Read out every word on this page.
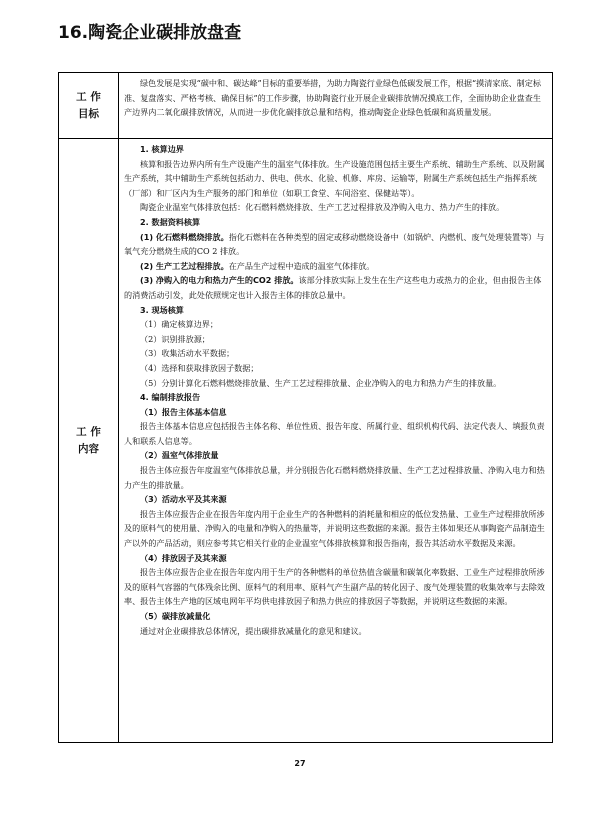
16.陶瓷企业碳排放盘查
工 作 目标

绿色发展是实现“碳中和、碳达峰”目标的重要举措，为助力陶瓷行业绿色低碳发展工作，根据“摸清家底、制定标准、复盘落实、严格考核、确保目标”的工作步骤，协助陶瓷行业开展企业碳排放情况摸底工作，全面协助企业盘查生产边界内二氧化碳排放情况，从而进一步优化碳排放总量和结构，推动陶瓷企业绿色低碳和高质量发展。

工 作 内容

1. 核算边界

核算和报告边界内所有生产设施产生的温室气体排放。生产设施范围包括主要生产系统、辅助生产系统、以及附属生产系统，其中辅助生产系统包括动力、供电、供水、化验、机修、库房、运输等，附属生产系统包括生产指挥系统（厂部）和厂区内为生产服务的部门和单位（如职工食堂、车间浴室、保健站等）。

陶瓷企业温室气体排放包括：化石燃料燃烧排放、生产工艺过程排放及净购入电力、热力产生的排放。

2. 数据资料核算

(1) 化石燃料燃烧排放。指化石燃料在各种类型的固定或移动燃烧设备中（如锅炉、内燃机、废气处理装置等）与氧气充分燃烧生成的CO 2 排放。

(2) 生产工艺过程排放。在产品生产过程中造成的温室气体排放。

(3) 净购入的电力和热力产生的CO2 排放。该部分排放实际上发生在生产这些电力或热力的企业，但由报告主体的消费活动引发，此处依照规定也计入报告主体的排放总量中。

3. 现场核算

（1）确定核算边界；

（2）识别排放源；

（3）收集活动水平数据；

（4）选择和获取排放因子数据；

（5）分别计算化石燃料燃烧排放量、生产工艺过程排放量、企业净购入的电力和热力产生的排放量。

4. 编制排放报告

（1）报告主体基本信息

报告主体基本信息应包括报告主体名称、单位性质、报告年度、所属行业、组织机构代码、法定代表人、填报负责人和联系人信息等。

（2）温室气体排放量

报告主体应报告年度温室气体排放总量，并分别报告化石燃料燃烧排放量、生产工艺过程排放量、净购入电力和热力产生的排放量。

（3）活动水平及其来源

报告主体应报告企业在报告年度内用于企业生产的各种燃料的消耗量和相应的低位发热量、工业生产过程排放所涉及的原料气的使用量、净购入的电量和净购入的热量等，并说明这些数据的来源。报告主体如果还从事陶瓷产品制造生产以外的产品活动，则应参考其它相关行业的企业温室气体排放核算和报告指南，报告其活动水平数据及来源。

（4）排放因子及其来源

报告主体应报告企业在报告年度内用于生产的各种燃料的单位热值含碳量和碳氧化率数据、工业生产过程排放所涉及的原料气容器的气体残余比例、原料气的利用率、原料气产生副产品的转化因子、废气处理装置的收集效率与去除效率、报告主体生产地的区域电网年平均供电排放因子和热力供应的排放因子等数据，并说明这些数据的来源。

（5）碳排放减量化

通过对企业碳排放总体情况，提出碳排放减量化的意见和建议。

27
